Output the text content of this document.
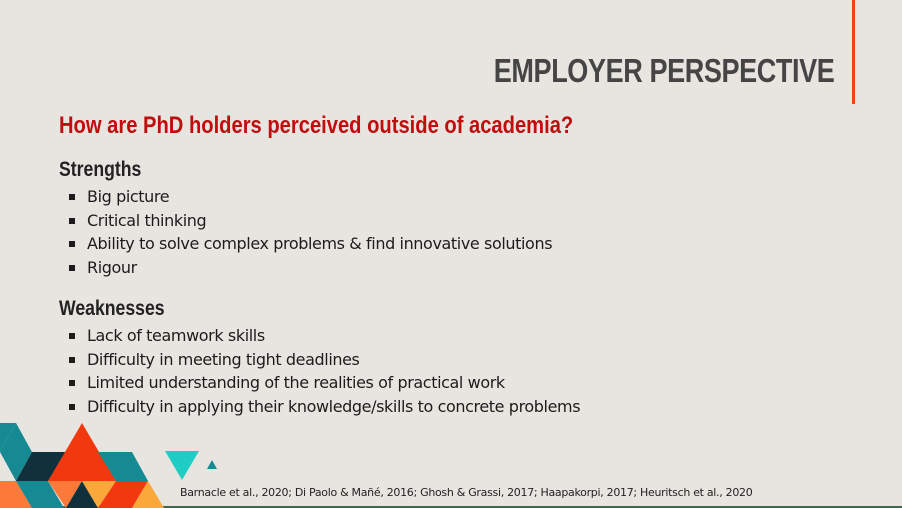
EMPLOYER PERSPECTIVE
How are PhD holders perceived outside of academia?
Strengths
Big picture
Critical thinking
Ability to solve complex problems & find innovative solutions
Rigour
Weaknesses
Lack of teamwork skills
Difficulty in meeting tight deadlines
Limited understanding of the realities of practical work
Difficulty in applying their knowledge/skills to concrete problems
Barnacle et al., 2020; Di Paolo & Mañé, 2016; Ghosh & Grassi, 2017; Haapakorpi, 2017; Heuritsch et al., 2020
